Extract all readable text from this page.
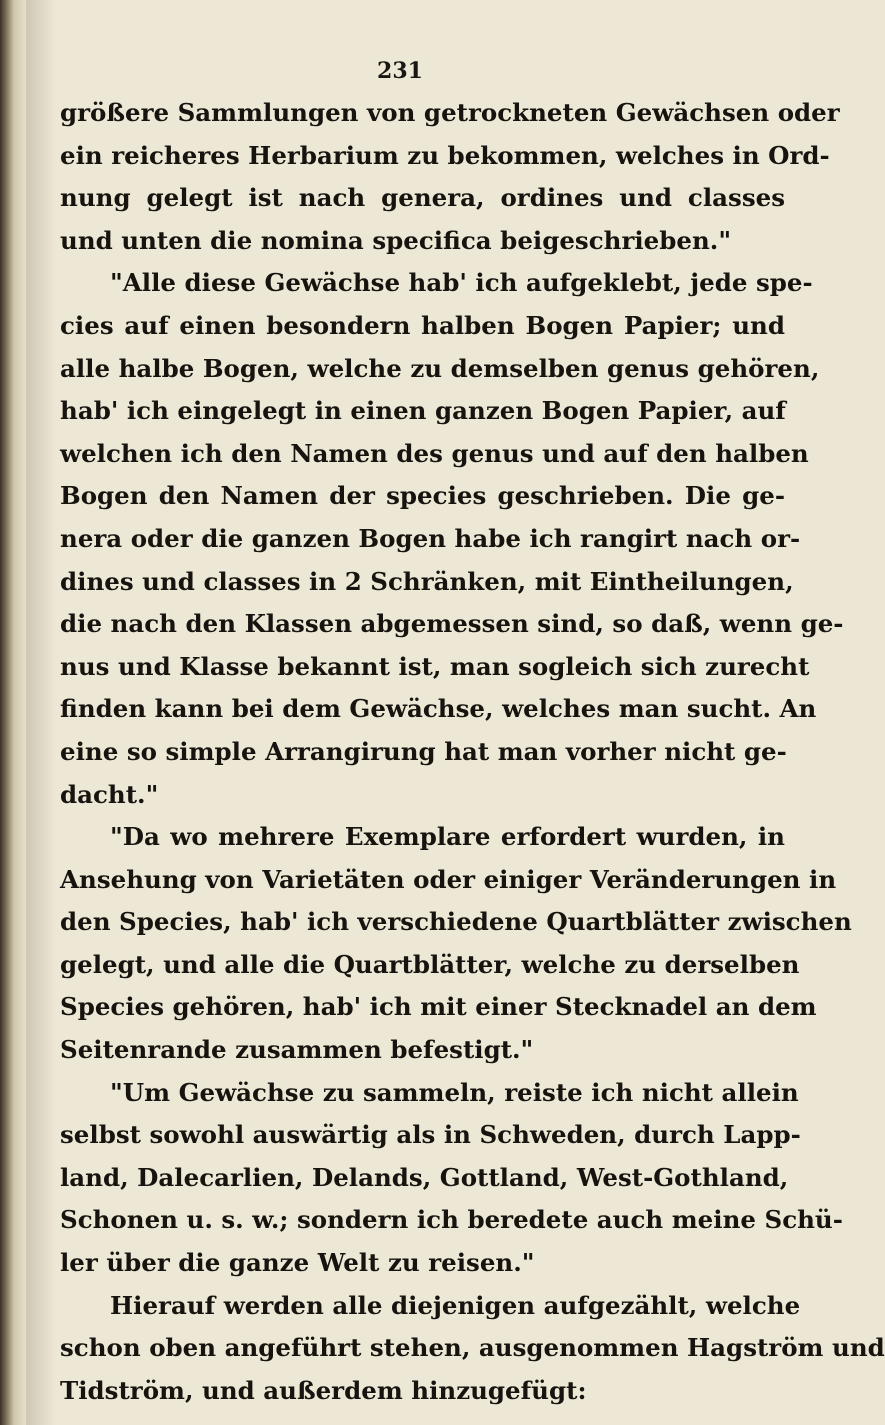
231
größere Sammlungen von getrockneten Gewächsen oder
ein reicheres Herbarium zu bekommen, welches in Ord-
nung gelegt ist nach genera, ordines und classes
und unten die nomina specifica beigeschrieben."
"Alle diese Gewächse hab' ich aufgeklebt, jede spe-
cies auf einen besondern halben Bogen Papier; und
alle halbe Bogen, welche zu demselben genus gehören,
hab' ich eingelegt in einen ganzen Bogen Papier, auf
welchen ich den Namen des genus und auf den halben
Bogen den Namen der species geschrieben. Die ge-
nera oder die ganzen Bogen habe ich rangirt nach or-
dines und classes in 2 Schränken, mit Eintheilungen,
die nach den Klassen abgemessen sind, so daß, wenn ge-
nus und Klasse bekannt ist, man sogleich sich zurecht
finden kann bei dem Gewächse, welches man sucht. An
eine so simple Arrangirung hat man vorher nicht ge-
dacht."
"Da wo mehrere Exemplare erfordert wurden, in
Ansehung von Varietäten oder einiger Veränderungen in
den Species, hab' ich verschiedene Quartblätter zwischen
gelegt, und alle die Quartblätter, welche zu derselben
Species gehören, hab' ich mit einer Stecknadel an dem
Seitenrande zusammen befestigt."
"Um Gewächse zu sammeln, reiste ich nicht allein
selbst sowohl auswärtig als in Schweden, durch Lapp-
land, Dalecarlien, Delands, Gottland, West-Gothland,
Schonen u. s. w.; sondern ich beredete auch meine Schü-
ler über die ganze Welt zu reisen."
Hierauf werden alle diejenigen aufgezählt, welche
schon oben angeführt stehen, ausgenommen Hagström und
Tidström, und außerdem hinzugefügt:
